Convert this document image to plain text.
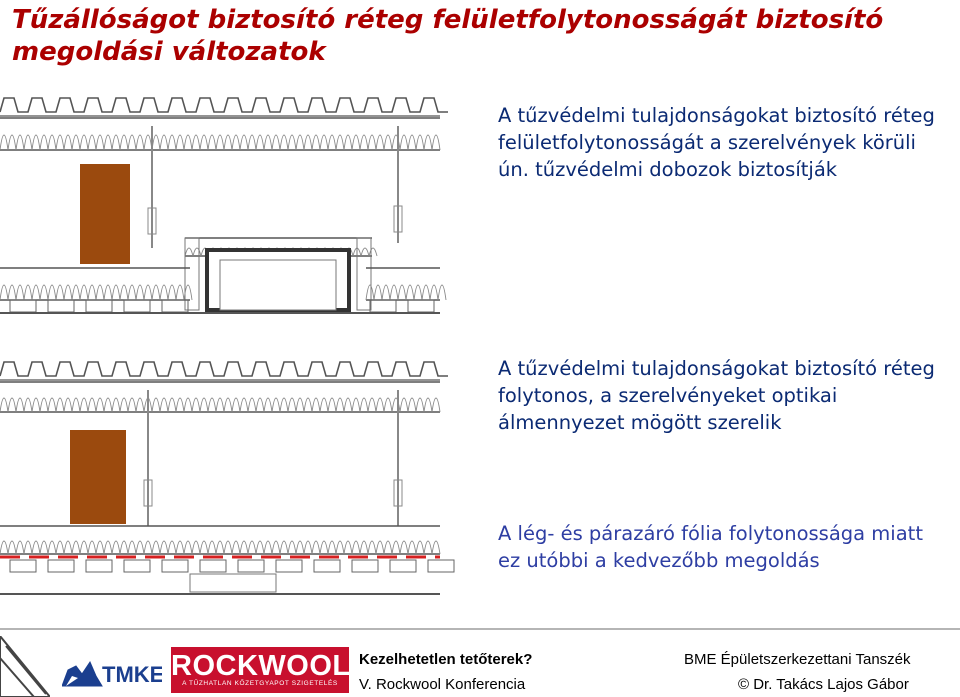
Tűzállóságot biztosító réteg felületfolytonosságát biztosító megoldási változatok
A tűzvédelmi tulajdonságokat biztosító réteg felületfolytonosságát a szerelvények körüli ún. tűzvédelmi dobozok biztosítják
A tűzvédelmi tulajdonságokat biztosító réteg folytonos, a szerelvényeket optikai álmennyezet mögött szerelik
A lég- és párazáró fólia folytonossága miatt ez utóbbi a kedvezőbb megoldás
TMKE ROCKWOOL
A TŰZHATLAN KŐZETGYAPOT SZIGETELÉS
Kezelhetetlen tetőterek?
V. Rockwool Konferencia
BME Épületszerkezettani Tanszék
© Dr. Takács Lajos Gábor
